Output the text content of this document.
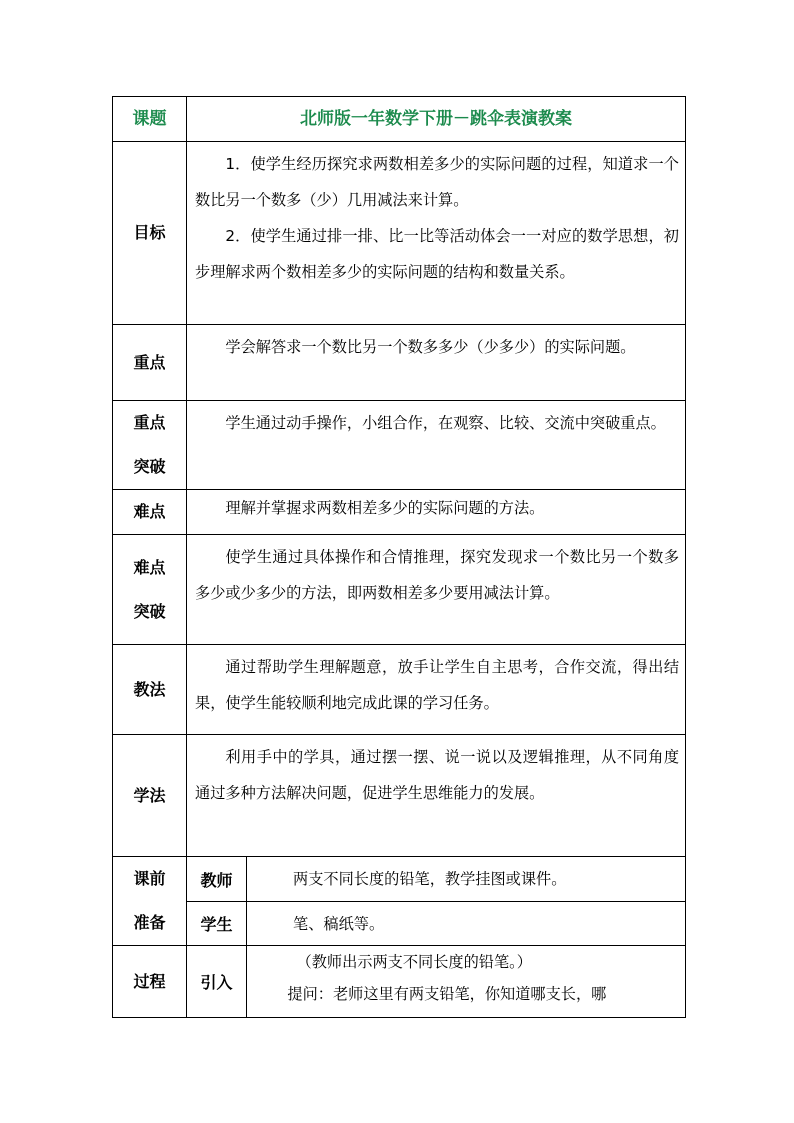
课题	北师版一年数学下册－跳伞表演教案	
目标	1．使学生经历探究求两数相差多少的实际问题的过程，知道求一个数比另一个数多（少）几用减法来计算。

2．使学生通过排一排、比一比等活动体会一一对应的数学思想，初步理解求两个数相差多少的实际问题的结构和数量关系。	

重点	学会解答求一个数比另一个数多多少（少多少）的实际问题。	

重点
突破	学生通过动手操作，小组合作，在观察、比较、交流中突破重点。	

难点	理解并掌握求两数相差多少的实际问题的方法。	

难点
突破	使学生通过具体操作和合情推理，探究发现求一个数比另一个数多多少或少多少的方法，即两数相差多少要用减法计算。	

教法	通过帮助学生理解题意，放手让学生自主思考，合作交流，得出结果，使学生能较顺利地完成此课的学习任务。	

学法	利用手中的学具，通过摆一摆、说一说以及逻辑推理，从不同角度通过多种方法解决问题，促进学生思维能力的发展。	

课前
准备	教师	两支不同长度的铅笔，教学挂图或课件。
	学生	笔、稿纸等。
过程	引入	（教师出示两支不同长度的铅笔。）

提问：老师这里有两支铅笔，你知道哪支长，哪
